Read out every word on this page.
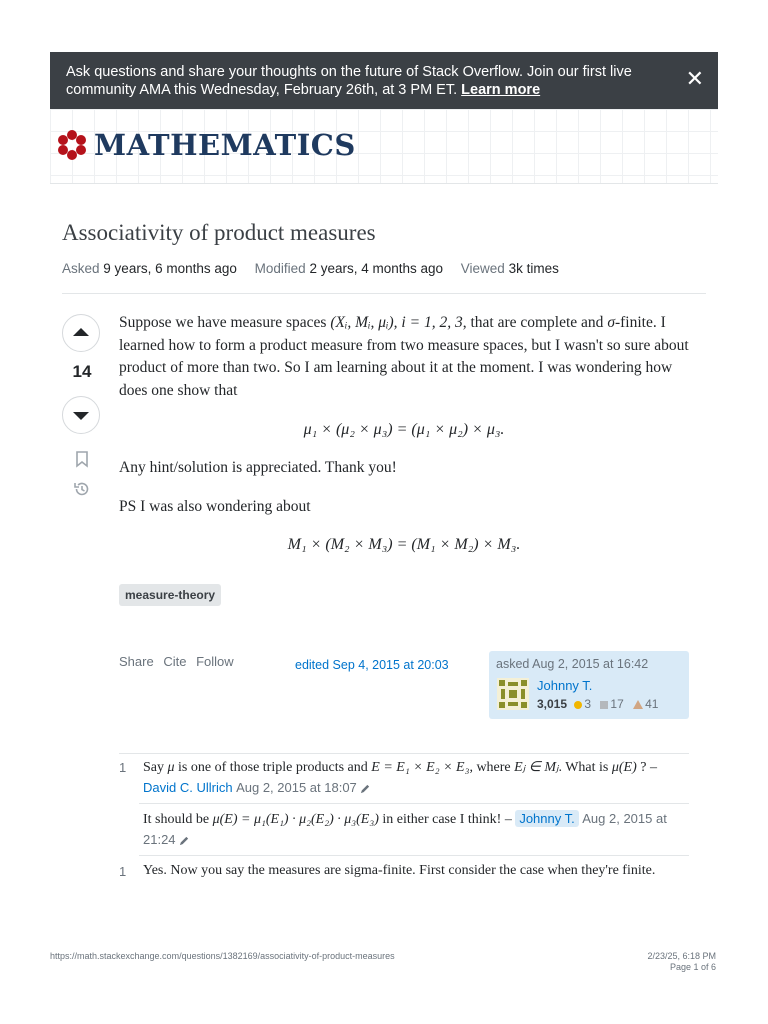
Ask questions and share your thoughts on the future of Stack Overflow. Join our first live community AMA this Wednesday, February 26th, at 3 PM ET. Learn more	✕
MATHEMATICS
Associativity of product measures
Asked 9 years, 6 months ago Modified 2 years, 4 months ago Viewed 3k times
14
Suppose we have measure spaces (Xᵢ, Mᵢ, μᵢ), i = 1, 2, 3, that are complete and σ-finite. I learned how to form a product measure from two measure spaces, but I wasn't so sure about product of more than two. So I am learning about it at the moment. I was wondering how does one show that
μ₁ × (μ₂ × μ₃) = (μ₁ × μ₂) × μ₃.
Any hint/solution is appreciated. Thank you!
PS I was also wondering about
M₁ × (M₂ × M₃) = (M₁ × M₂) × M₃.
measure-theory
Share Cite Follow	edited Sep 4, 2015 at 20:03	asked Aug 2, 2015 at 16:42
Johnny T.
3,015 3 17 41
1 Say μ is one of those triple products and E = E₁ × E₂ × E₃, where Eⱼ ∈ Mⱼ. What is μ(E) ? – David C. Ullrich Aug 2, 2015 at 18:07
It should be μ(E) = μ₁(E₁) · μ₂(E₂) · μ₃(E₃) in either case I think! – Johnny T. Aug 2, 2015 at 21:24
1 Yes. Now you say the measures are sigma-finite. First consider the case when they're finite.
https://math.stackexchange.com/questions/1382169/associativity-of-product-measures	2/23/25, 6:18 PM
Page 1 of 6
